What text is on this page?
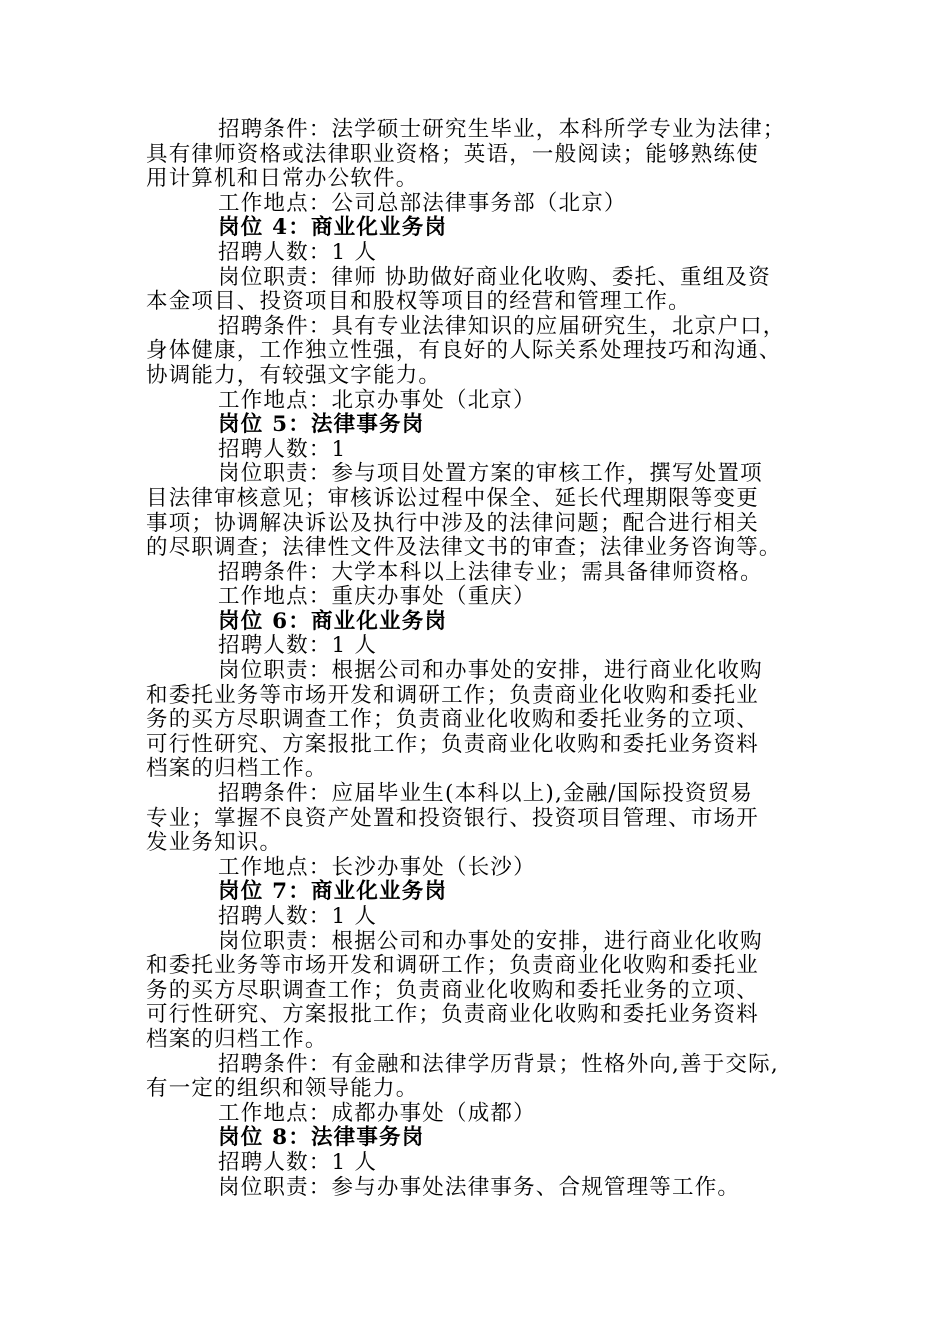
招聘条件：法学硕士研究生毕业，本科所学专业为法律；

具有律师资格或法律职业资格；英语，一般阅读；能够熟练使

用计算机和日常办公软件。

工作地点：公司总部法律事务部（北京）

岗位 4：商业化业务岗

招聘人数：1 人

岗位职责：律师 协助做好商业化收购、委托、重组及资

本金项目、投资项目和股权等项目的经营和管理工作。

招聘条件：具有专业法律知识的应届研究生，北京户口，

身体健康，工作独立性强，有良好的人际关系处理技巧和沟通、

协调能力，有较强文字能力。

工作地点：北京办事处（北京）

岗位 5：法律事务岗

招聘人数：1

岗位职责：参与项目处置方案的审核工作，撰写处置项

目法律审核意见；审核诉讼过程中保全、延长代理期限等变更

事项；协调解决诉讼及执行中涉及的法律问题；配合进行相关

的尽职调查；法律性文件及法律文书的审查；法律业务咨询等。

招聘条件：大学本科以上法律专业；需具备律师资格。

工作地点：重庆办事处（重庆）

岗位 6：商业化业务岗

招聘人数：1 人

岗位职责：根据公司和办事处的安排，进行商业化收购

和委托业务等市场开发和调研工作；负责商业化收购和委托业

务的买方尽职调查工作；负责商业化收购和委托业务的立项、

可行性研究、方案报批工作；负责商业化收购和委托业务资料

档案的归档工作。

招聘条件：应届毕业生(本科以上),金融/国际投资贸易

专业；掌握不良资产处置和投资银行、投资项目管理、市场开

发业务知识。

工作地点：长沙办事处（长沙）

岗位 7：商业化业务岗

招聘人数：1 人

岗位职责：根据公司和办事处的安排，进行商业化收购

和委托业务等市场开发和调研工作；负责商业化收购和委托业

务的买方尽职调查工作；负责商业化收购和委托业务的立项、

可行性研究、方案报批工作；负责商业化收购和委托业务资料

档案的归档工作。

招聘条件：有金融和法律学历背景；性格外向,善于交际,

有一定的组织和领导能力。

工作地点：成都办事处（成都）

岗位 8：法律事务岗

招聘人数：1 人

岗位职责：参与办事处法律事务、合规管理等工作。
